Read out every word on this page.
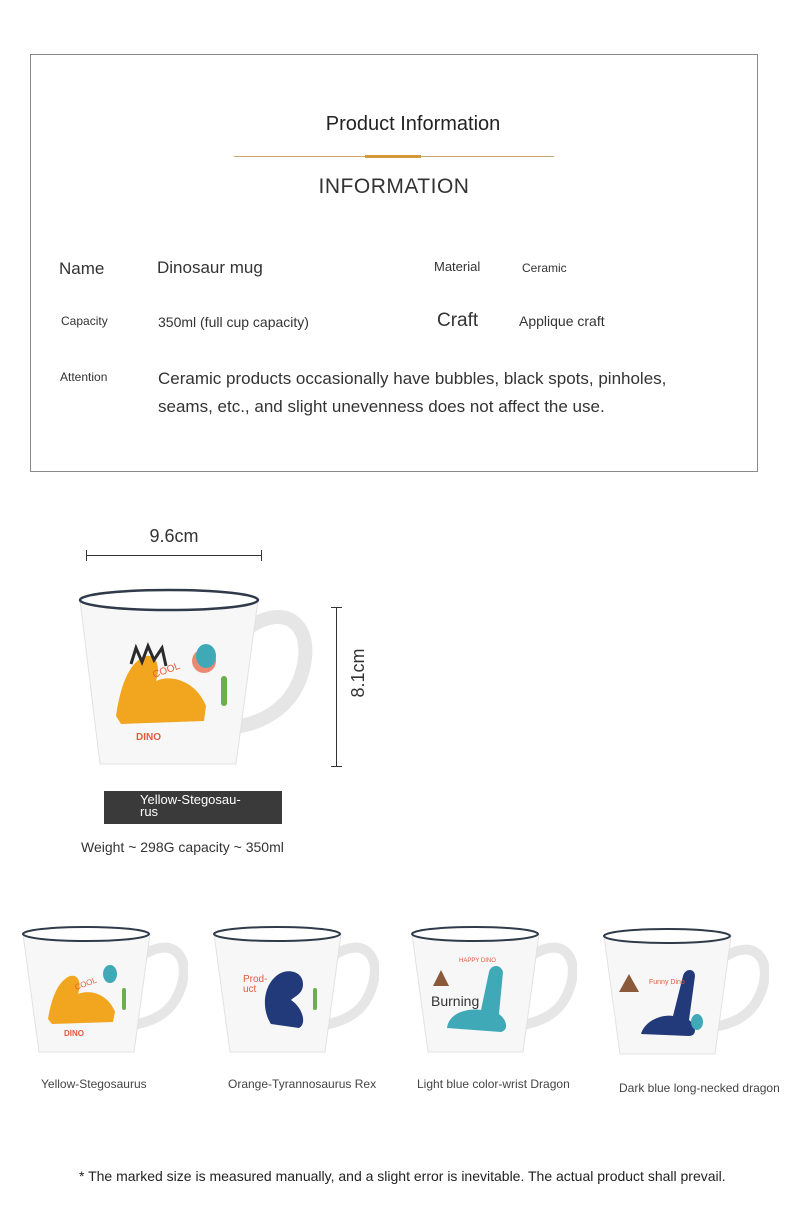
Product Information
INFORMATION
Name	Dinosaur mug	Material	Ceramic
Capacity	350ml (full cup capacity)	Craft	Applique craft
Attention	Ceramic products occasionally have bubbles, black spots, pinholes,
seams, etc., and slight unevenness does not affect the use.
9.6cm
8.1cm
COOL
DINO
Yellow-Stegosau-
rus
Weight ~ 298G capacity ~ 350ml
COOL
DINO
Yellow-Stegosaurus
Prod-
uct
Orange-Tyrannosaurus Rex
HAPPY DINO
Burning
Light blue color-wrist Dragon
Funny Dino
Dark blue long-necked dragon
* The marked size is measured manually, and a slight error is inevitable. The actual product shall prevail.
